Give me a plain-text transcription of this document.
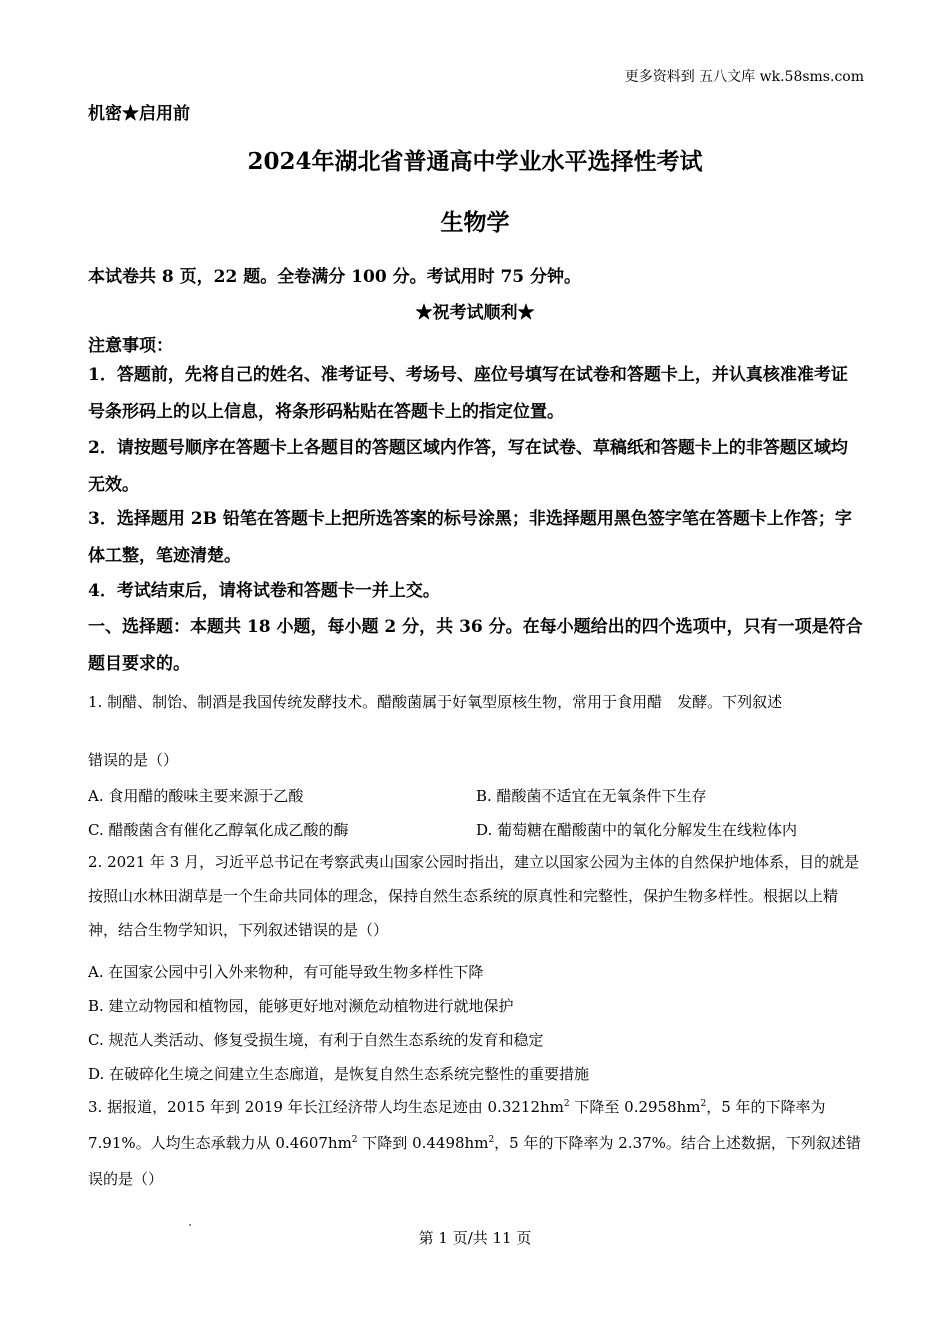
更多资料到 五八文库 wk.58sms.com
机密★启用前
2024年湖北省普通高中学业水平选择性考试
生物学
本试卷共 8 页，22 题。全卷满分 100 分。考试用时 75 分钟。
★祝考试顺利★
注意事项：
1．答题前，先将自己的姓名、准考证号、考场号、座位号填写在试卷和答题卡上，并认真核准准考证号条形码上的以上信息，将条形码粘贴在答题卡上的指定位置。
2．请按题号顺序在答题卡上各题目的答题区域内作答，写在试卷、草稿纸和答题卡上的非答题区域均无效。
3．选择题用 2B 铅笔在答题卡上把所选答案的标号涂黑；非选择题用黑色签字笔在答题卡上作答；字体工整，笔迹清楚。
4．考试结束后，请将试卷和答题卡一并上交。
一、选择题：本题共 18 小题，每小题 2 分，共 36 分。在每小题给出的四个选项中，只有一项是符合题目要求的。
1. 制醋、制饴、制酒是我国传统发酵技术。醋酸菌属于好氧型原核生物，常用于食用醋　发酵。下列叙述
错误的是（）
A. 食用醋的酸味主要来源于乙酸	B. 醋酸菌不适宜在无氧条件下生存
C. 醋酸菌含有催化乙醇氧化成乙酸的酶	D. 葡萄糖在醋酸菌中的氧化分解发生在线粒体内
2. 2021 年 3 月，习近平总书记在考察武夷山国家公园时指出，建立以国家公园为主体的自然保护地体系，目的就是按照山水林田湖草是一个生命共同体的理念，保持自然生态系统的原真性和完整性，保护生物多样性。根据以上精神，结合生物学知识，下列叙述错误的是（）
A. 在国家公园中引入外来物种，有可能导致生物多样性下降
B. 建立动物园和植物园，能够更好地对濒危动植物进行就地保护
C. 规范人类活动、修复受损生境，有利于自然生态系统的发育和稳定
D. 在破碎化生境之间建立生态廊道，是恢复自然生态系统完整性的重要措施
3. 据报道，2015 年到 2019 年长江经济带人均生态足迹由 $0.3212hm^2$ 下降至 $0.2958hm^2$，5 年的下降率为 7.91%。人均生态承载力从 $0.4607hm^2$ 下降到 $0.4498hm^2$，5 年的下降率为 2.37%。结合上述数据，下列叙述错误的是（）
第 1 页/共 11 页
